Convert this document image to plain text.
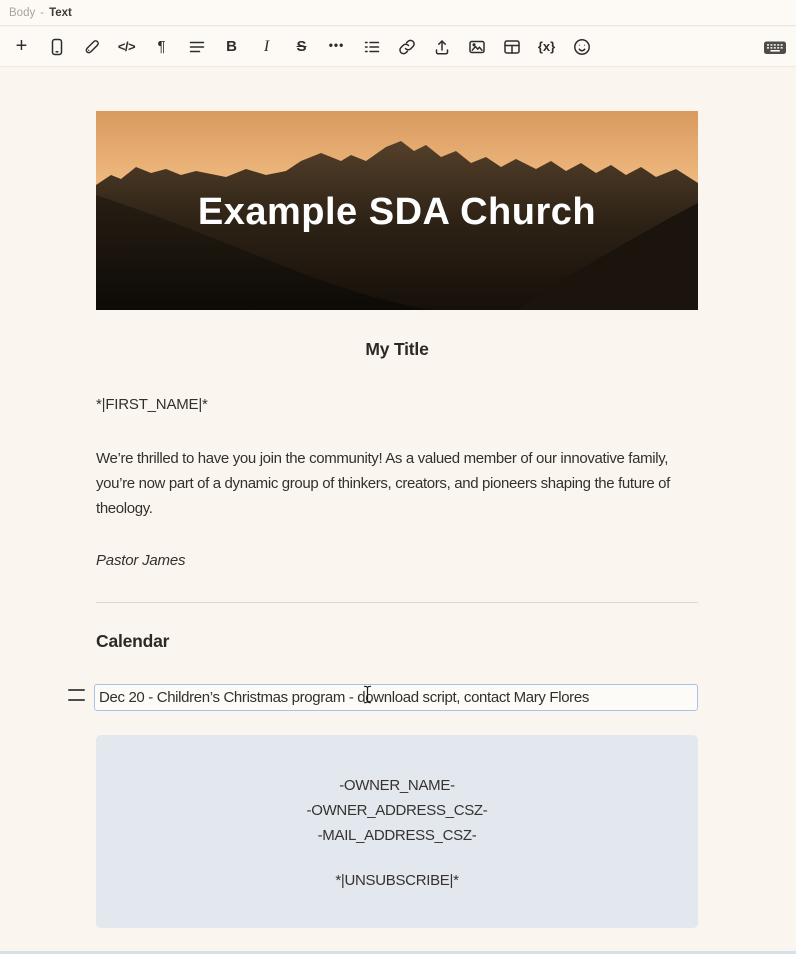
Body - Text
+	</> ¶	B I S •••	{x}
Example SDA Church
My Title
*|FIRST_NAME|*
We’re thrilled to have you join the community! As a valued member of our innovative family, you’re now part of a dynamic group of thinkers, creators, and pioneers shaping the future of theology.
Pastor James
Calendar
Dec 20 - Children’s Christmas program - download script, contact Mary Flores
-OWNER_NAME-
-OWNER_ADDRESS_CSZ-
-MAIL_ADDRESS_CSZ-
*|UNSUBSCRIBE|*
